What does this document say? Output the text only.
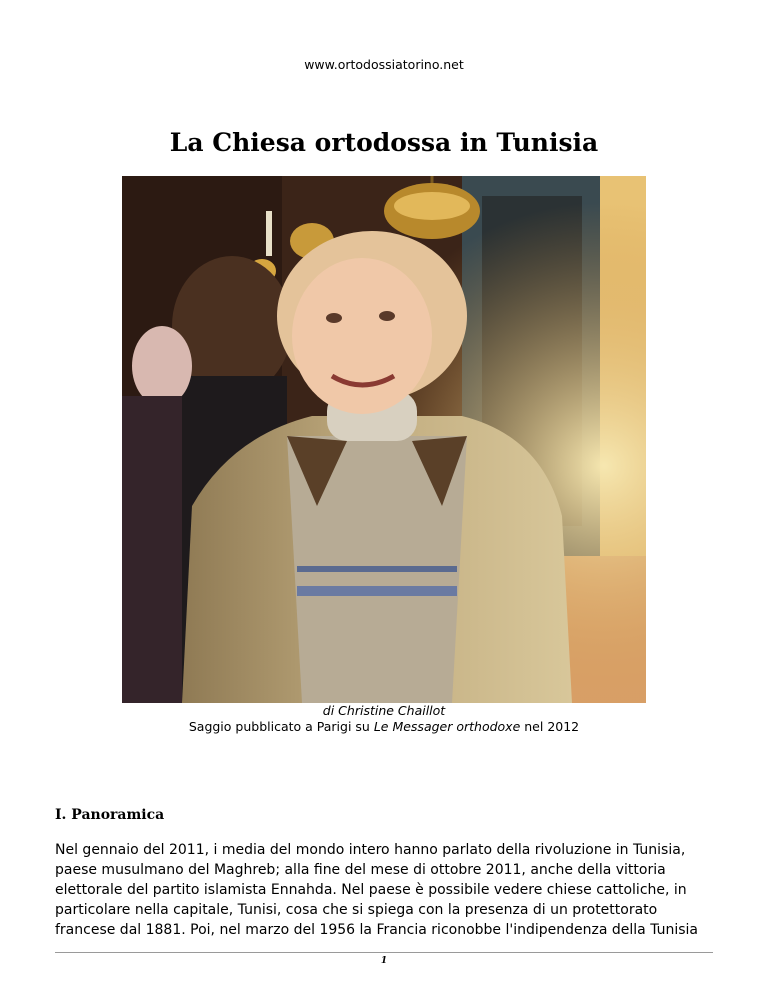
www.ortodossiatorino.net
La Chiesa ortodossa in Tunisia
di Christine Chaillot
Saggio pubblicato a Parigi su Le Messager orthodoxe nel 2012
I. Panoramica

Nel gennaio del 2011, i media del mondo intero hanno parlato della rivoluzione in Tunisia,
paese musulmano del Maghreb; alla fine del mese di ottobre 2011, anche della vittoria
elettorale del partito islamista Ennahda. Nel paese è possibile vedere chiese cattoliche, in
particolare nella capitale, Tunisi, cosa che si spiega con la presenza di un protettorato
francese dal 1881. Poi, nel marzo del 1956 la Francia riconobbe l'indipendenza della Tunisia

1
